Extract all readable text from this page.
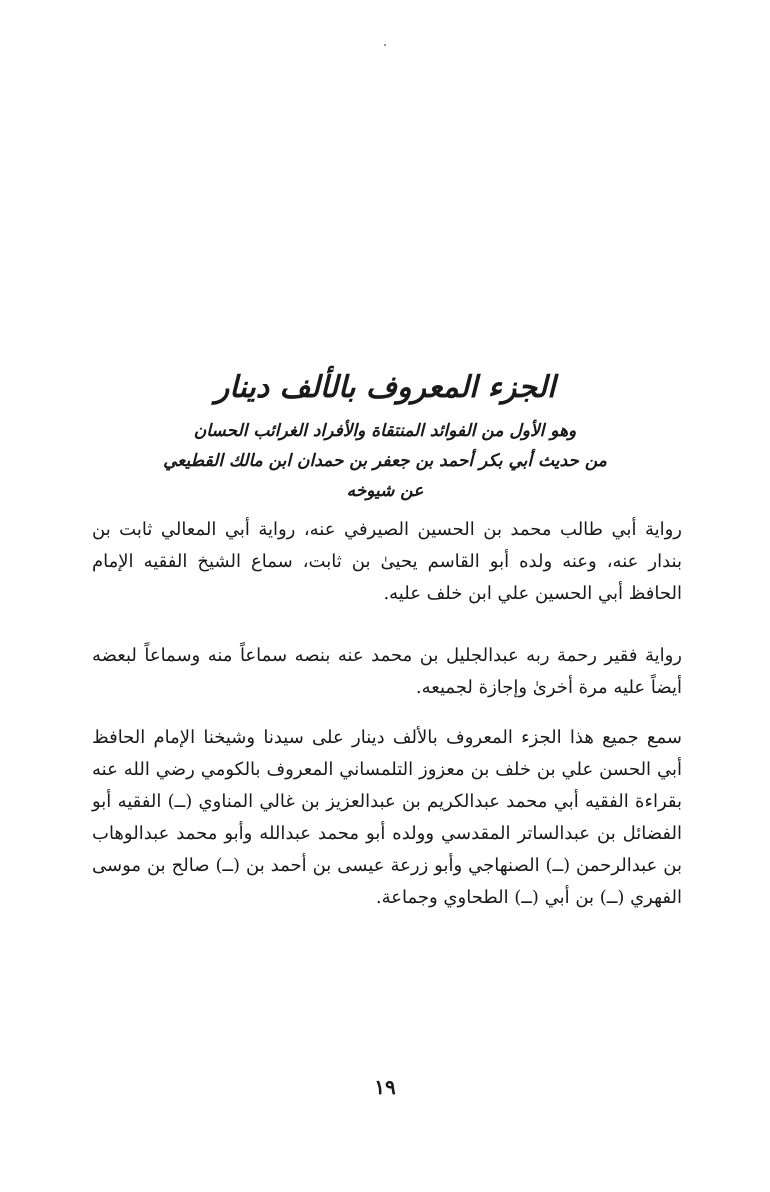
الجزء المعروف بالألف دينار

وهو الأول من الفوائد المنتقاة والأفراد الغرائب الحسان

من حديث أبي بكر أحمد بن جعفر بن حمدان ابن مالك القطيعي

عن شيوخه

رواية أبي طالب محمد بن الحسين الصيرفي عنه، رواية أبي المعالي ثابت بن بندار عنه، وعنه ولده أبو القاسم يحيىٰ بن ثابت، سماع الشيخ الفقيه الإمام الحافظ أبي الحسين علي ابن خلف عليه.

رواية فقير رحمة ربه عبدالجليل بن محمد عنه بنصه سماعاً منه وسماعاً لبعضه أيضاً عليه مرة أخرىٰ وإجازة لجميعه.

سمع جميع هذا الجزء المعروف بالألف دينار على سيدنا وشيخنا الإمام الحافظ أبي الحسن علي بن خلف بن معزوز التلمساني المعروف بالكومي رضي الله عنه بقراءة الفقيه أبي محمد عبدالكريم بن عبدالعزيز بن غالي المناوي (ــ) الفقيه أبو الفضائل بن عبدالساتر المقدسي وولده أبو محمد عبدالله وأبو محمد عبدالوهاب بن عبدالرحمن (ــ) الصنهاجي وأبو زرعة عيسى بن أحمد بن (ــ) صالح بن موسى الفهري (ــ) بن أبي (ــ) الطحاوي وجماعة.

١٩
